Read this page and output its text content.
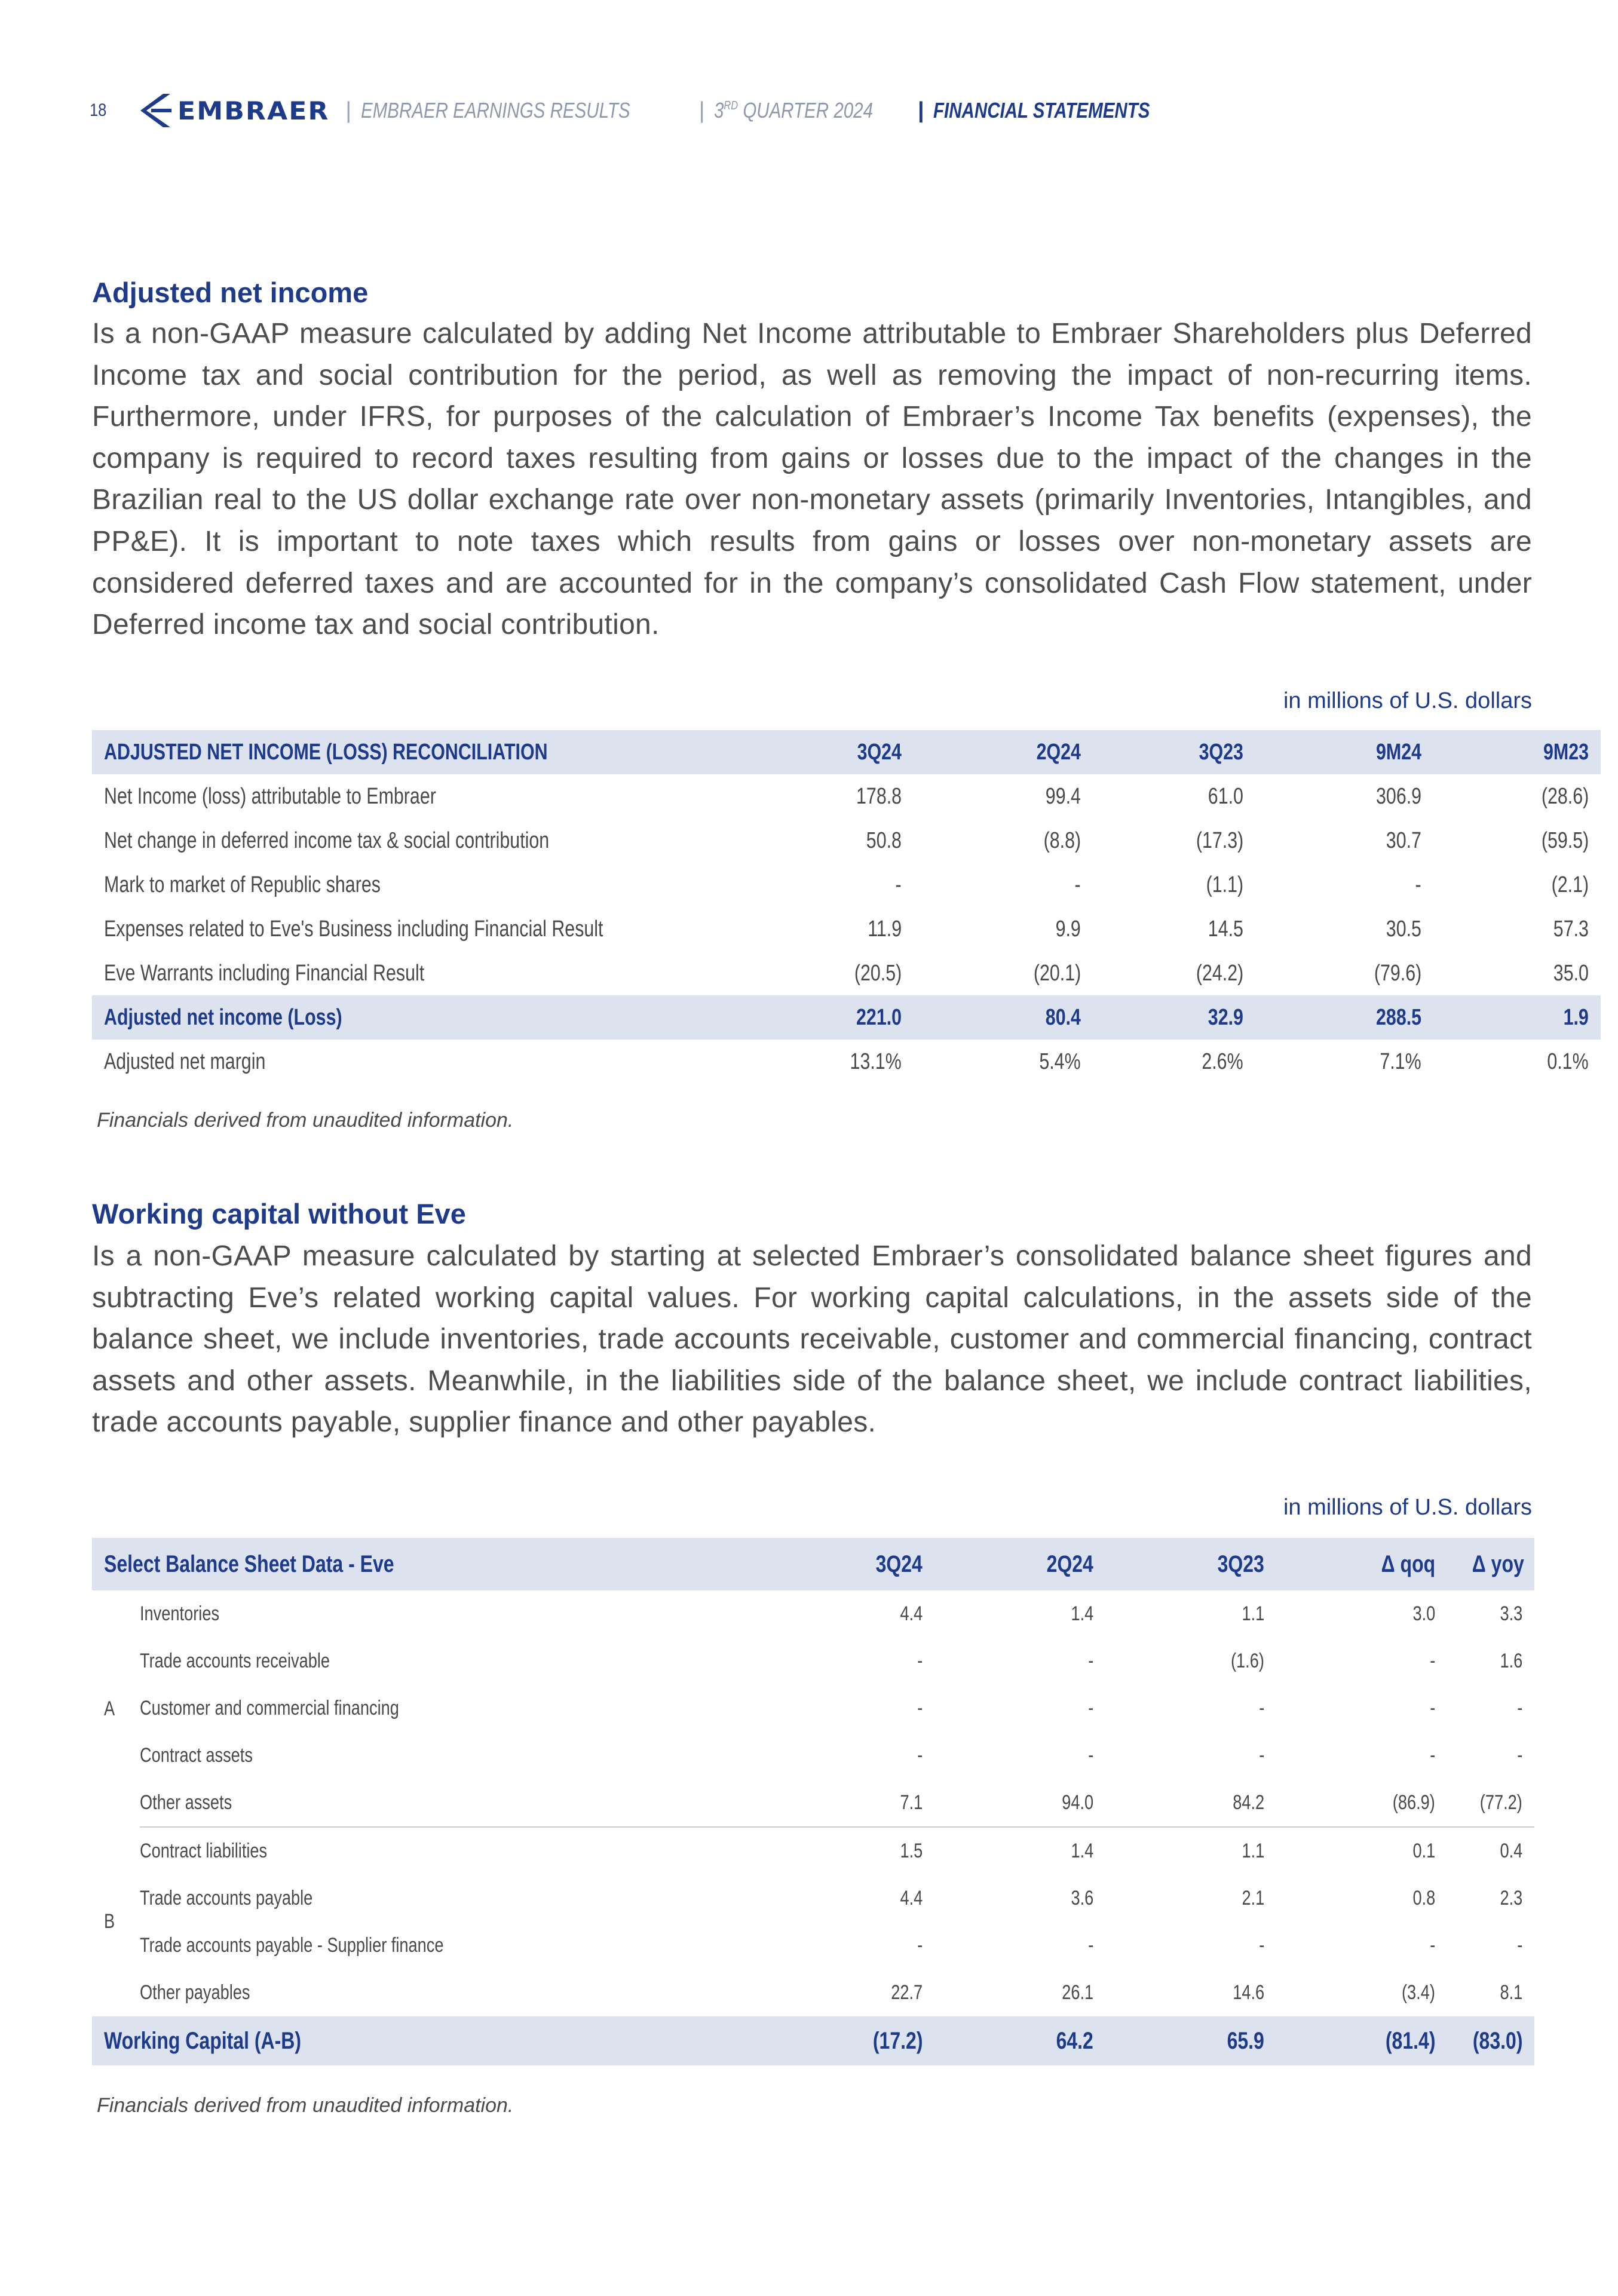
18	EMBRAER | EMBRAER EARNINGS RESULTS	| 3RD QUARTER 2024 | FINANCIAL STATEMENTS
Adjusted net income
Is a non-GAAP measure calculated by adding Net Income attributable to Embraer Shareholders plus Deferred Income tax and social contribution for the period, as well as removing the impact of non-recurring items. Furthermore, under IFRS, for purposes of the calculation of Embraer’s Income Tax benefits (expenses), the company is required to record taxes resulting from gains or losses due to the impact of the changes in the Brazilian real to the US dollar exchange rate over non-monetary assets (primarily Inventories, Intangibles, and PP&E). It is important to note taxes which results from gains or losses over non-monetary assets are considered deferred taxes and are accounted for in the company’s consolidated Cash Flow statement, under Deferred income tax and social contribution.
in millions of U.S. dollars
ADJUSTED NET INCOME (LOSS) RECONCILIATION	3Q24	2Q24	3Q23	9M24	9M23
Net Income (loss) attributable to Embraer	178.8	99.4	61.0	306.9	(28.6)
Net change in deferred income tax & social contribution	50.8	(8.8)	(17.3)	30.7	(59.5)
Mark to market of Republic shares	-	-	(1.1)	-	(2.1)
Expenses related to Eve's Business including Financial Result	11.9	9.9	14.5	30.5	57.3
Eve Warrants including Financial Result	(20.5)	(20.1)	(24.2)	(79.6)	35.0
Adjusted net income (Loss)	221.0	80.4	32.9	288.5	1.9
Adjusted net margin	13.1%	5.4%	2.6%	7.1%	0.1%
Financials derived from unaudited information.
Working capital without Eve
Is a non-GAAP measure calculated by starting at selected Embraer’s consolidated balance sheet figures and subtracting Eve’s related working capital values. For working capital calculations, in the assets side of the balance sheet, we include inventories, trade accounts receivable, customer and commercial financing, contract assets and other assets. Meanwhile, in the liabilities side of the balance sheet, we include contract liabilities, trade accounts payable, supplier finance and other payables.
in millions of U.S. dollars
Select Balance Sheet Data - Eve		3Q24	2Q24	3Q23	Δ qoq	Δ yoy
A	Inventories	4.4	1.4	1.1	3.0	3.3
	Trade accounts receivable	-	-	(1.6)	-	1.6
	Customer and commercial financing	-	-	-	-	-
	Contract assets	-	-	-	-	-
	Other assets	7.1	94.0	84.2	(86.9)	(77.2)
B	Contract liabilities	1.5	1.4	1.1	0.1	0.4
	Trade accounts payable	4.4	3.6	2.1	0.8	2.3
	Trade accounts payable - Supplier finance	-	-	-	-	-
	Other payables	22.7	26.1	14.6	(3.4)	8.1
Working Capital (A-B)		(17.2)	64.2	65.9	(81.4)	(83.0)
Financials derived from unaudited information.
